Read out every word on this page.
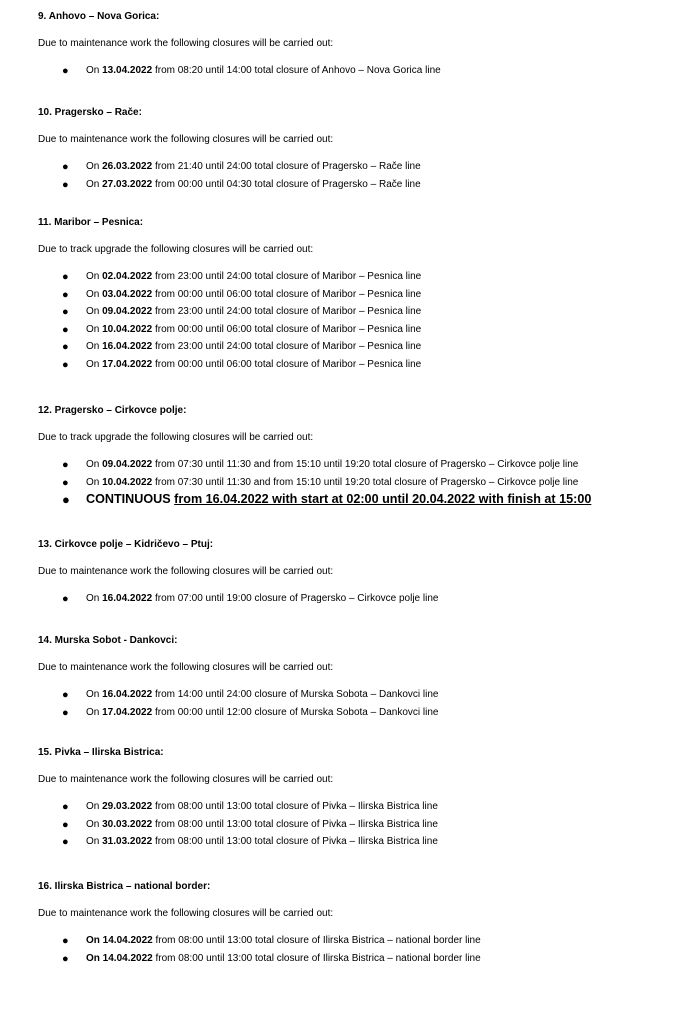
9. Anhovo – Nova Gorica:
Due to maintenance work the following closures will be carried out:
● On 13.04.2022 from 08:20 until 14:00 total closure of Anhovo – Nova Gorica line
10. Pragersko – Rače:
Due to maintenance work the following closures will be carried out:
● On 26.03.2022 from 21:40 until 24:00 total closure of Pragersko – Rače line
● On 27.03.2022 from 00:00 until 04:30 total closure of Pragersko – Rače line
11. Maribor – Pesnica:
Due to track upgrade the following closures will be carried out:
● On 02.04.2022 from 23:00 until 24:00 total closure of Maribor – Pesnica line
● On 03.04.2022 from 00:00 until 06:00 total closure of Maribor – Pesnica line
● On 09.04.2022 from 23:00 until 24:00 total closure of Maribor – Pesnica line
● On 10.04.2022 from 00:00 until 06:00 total closure of Maribor – Pesnica line
● On 16.04.2022 from 23:00 until 24:00 total closure of Maribor – Pesnica line
● On 17.04.2022 from 00:00 until 06:00 total closure of Maribor – Pesnica line
12. Pragersko – Cirkovce polje:
Due to track upgrade the following closures will be carried out:
● On 09.04.2022 from 07:30 until 11:30 and from 15:10 until 19:20 total closure of Pragersko – Cirkovce polje line
● On 10.04.2022 from 07:30 until 11:30 and from 15:10 until 19:20 total closure of Pragersko – Cirkovce polje line
● CONTINUOUS from 16.04.2022 with start at 02:00 until 20.04.2022 with finish at 15:00
13. Cirkovce polje – Kidričevo – Ptuj:
Due to maintenance work the following closures will be carried out:
● On 16.04.2022 from 07:00 until 19:00 closure of Pragersko – Cirkovce polje line
14. Murska Sobot - Dankovci:
Due to maintenance work the following closures will be carried out:
● On 16.04.2022 from 14:00 until 24:00 closure of Murska Sobota – Dankovci line
● On 17.04.2022 from 00:00 until 12:00 closure of Murska Sobota – Dankovci line
15. Pivka – Ilirska Bistrica:
Due to maintenance work the following closures will be carried out:
● On 29.03.2022 from 08:00 until 13:00 total closure of Pivka – Ilirska Bistrica line
● On 30.03.2022 from 08:00 until 13:00 total closure of Pivka – Ilirska Bistrica line
● On 31.03.2022 from 08:00 until 13:00 total closure of Pivka – Ilirska Bistrica line
16. Ilirska Bistrica – national border:
Due to maintenance work the following closures will be carried out:
● On 14.04.2022 from 08:00 until 13:00 total closure of Ilirska Bistrica – national border line
● On 14.04.2022 from 08:00 until 13:00 total closure of Ilirska Bistrica – national border line
